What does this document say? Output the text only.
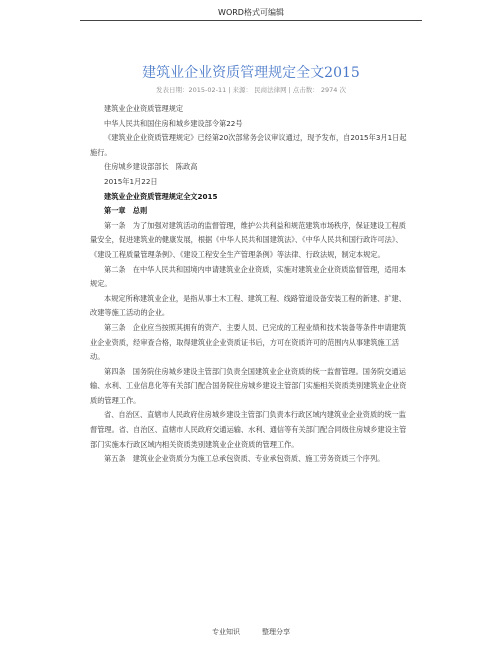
WORD格式可编辑
建筑业企业资质管理规定全文2015
发表日期：2015-02-11 | 来源： 民商法律网 | 点击数： 2974 次

建筑业企业资质管理规定

中华人民共和国住房和城乡建设部令第22号

《建筑业企业资质管理规定》已经第20次部常务会议审议通过，现予发布，自2015年3月1日起施行。

住房城乡建设部部长　陈政高

2015年1月22日

建筑业企业资质管理规定全文2015

第一章　总则

第一条　为了加强对建筑活动的监督管理，维护公共利益和规范建筑市场秩序，保证建设工程质量安全，促进建筑业的健康发展，根据《中华人民共和国建筑法》、《中华人民共和国行政许可法》、《建设工程质量管理条例》、《建设工程安全生产管理条例》等法律、行政法规，制定本规定。

第二条　在中华人民共和国境内申请建筑业企业资质，实施对建筑业企业资质监督管理，适用本规定。

本规定所称建筑业企业，是指从事土木工程、建筑工程、线路管道设备安装工程的新建、扩建、改建等施工活动的企业。

第三条　企业应当按照其拥有的资产、主要人员、已完成的工程业绩和技术装备等条件申请建筑业企业资质，经审查合格，取得建筑业企业资质证书后，方可在资质许可的范围内从事建筑施工活动。

第四条　国务院住房城乡建设主管部门负责全国建筑业企业资质的统一监督管理。国务院交通运输、水利、工业信息化等有关部门配合国务院住房城乡建设主管部门实施相关资质类别建筑业企业资质的管理工作。

省、自治区、直辖市人民政府住房城乡建设主管部门负责本行政区域内建筑业企业资质的统一监督管理。省、自治区、直辖市人民政府交通运输、水利、通信等有关部门配合同级住房城乡建设主管部门实施本行政区域内相关资质类别建筑业企业资质的管理工作。

第五条　建筑业企业资质分为施工总承包资质、专业承包资质、施工劳务资质三个序列。

专业知识	整理分享
